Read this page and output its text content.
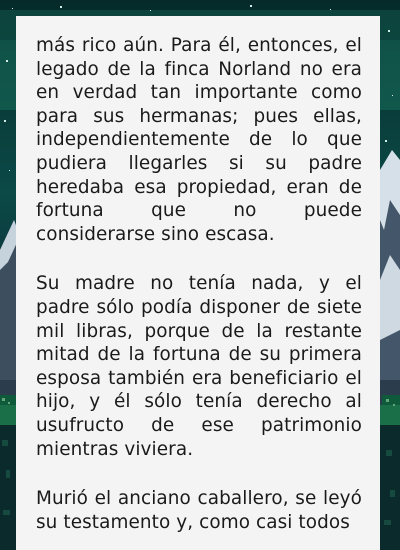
más rico aún. Para él, entonces, el legado de la finca Norland no era en verdad tan importante como para sus hermanas; pues ellas, independientemente de lo que pudiera llegarles si su padre heredaba esa propiedad, eran de fortuna que no puede considerarse sino escasa.

Su madre no tenía nada, y el padre sólo podía disponer de siete mil libras, porque de la restante mitad de la fortuna de su primera esposa también era beneficiario el hijo, y él sólo tenía derecho al usufructo de ese patrimonio mientras viviera.

Murió el anciano caballero, se leyó su testamento y, como casi todos
